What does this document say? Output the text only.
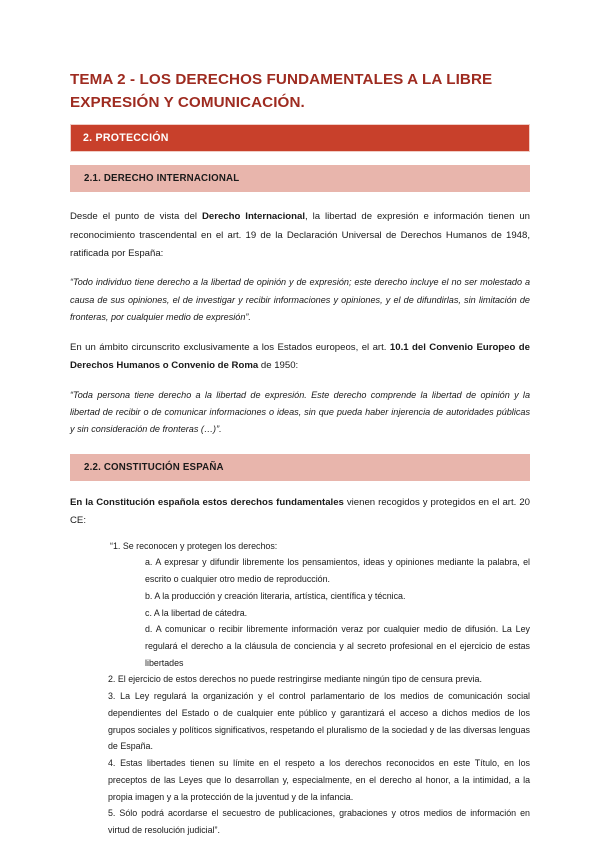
TEMA 2 - LOS DERECHOS FUNDAMENTALES A LA LIBRE EXPRESIÓN Y COMUNICACIÓN.
2. PROTECCIÓN
2.1. DERECHO INTERNACIONAL

Desde el punto de vista del Derecho Internacional, la libertad de expresión e información tienen un reconocimiento trascendental en el art. 19 de la Declaración Universal de Derechos Humanos de 1948, ratificada por España:

“Todo individuo tiene derecho a la libertad de opinión y de expresión; este derecho incluye el no ser molestado a causa de sus opiniones, el de investigar y recibir informaciones y opiniones, y el de difundirlas, sin limitación de fronteras, por cualquier medio de expresión”.

En un ámbito circunscrito exclusivamente a los Estados europeos, el art. 10.1 del Convenio Europeo de Derechos Humanos o Convenio de Roma de 1950:

“Toda persona tiene derecho a la libertad de expresión. Este derecho comprende la libertad de opinión y la libertad de recibir o de comunicar informaciones o ideas, sin que pueda haber injerencia de autoridades públicas y sin consideración de fronteras (…)”.

2.2. CONSTITUCIÓN ESPAÑA

En la Constitución española estos derechos fundamentales vienen recogidos y protegidos en el art. 20 CE:

“1. Se reconocen y protegen los derechos:
a. A expresar y difundir libremente los pensamientos, ideas y opiniones mediante la palabra, el escrito o cualquier otro medio de reproducción.
b. A la producción y creación literaria, artística, científica y técnica.
c. A la libertad de cátedra.
d. A comunicar o recibir libremente información veraz por cualquier medio de difusión. La Ley regulará el derecho a la cláusula de conciencia y al secreto profesional en el ejercicio de estas libertades
2. El ejercicio de estos derechos no puede restringirse mediante ningún tipo de censura previa.
3. La Ley regulará la organización y el control parlamentario de los medios de comunicación social dependientes del Estado o de cualquier ente público y garantizará el acceso a dichos medios de los grupos sociales y políticos significativos, respetando el pluralismo de la sociedad y de las diversas lenguas de España.
4. Estas libertades tienen su límite en el respeto a los derechos reconocidos en este Título, en los preceptos de las Leyes que lo desarrollan y, especialmente, en el derecho al honor, a la intimidad, a la propia imagen y a la protección de la juventud y de la infancia.
5. Sólo podrá acordarse el secuestro de publicaciones, grabaciones y otros medios de información en virtud de resolución judicial”.
